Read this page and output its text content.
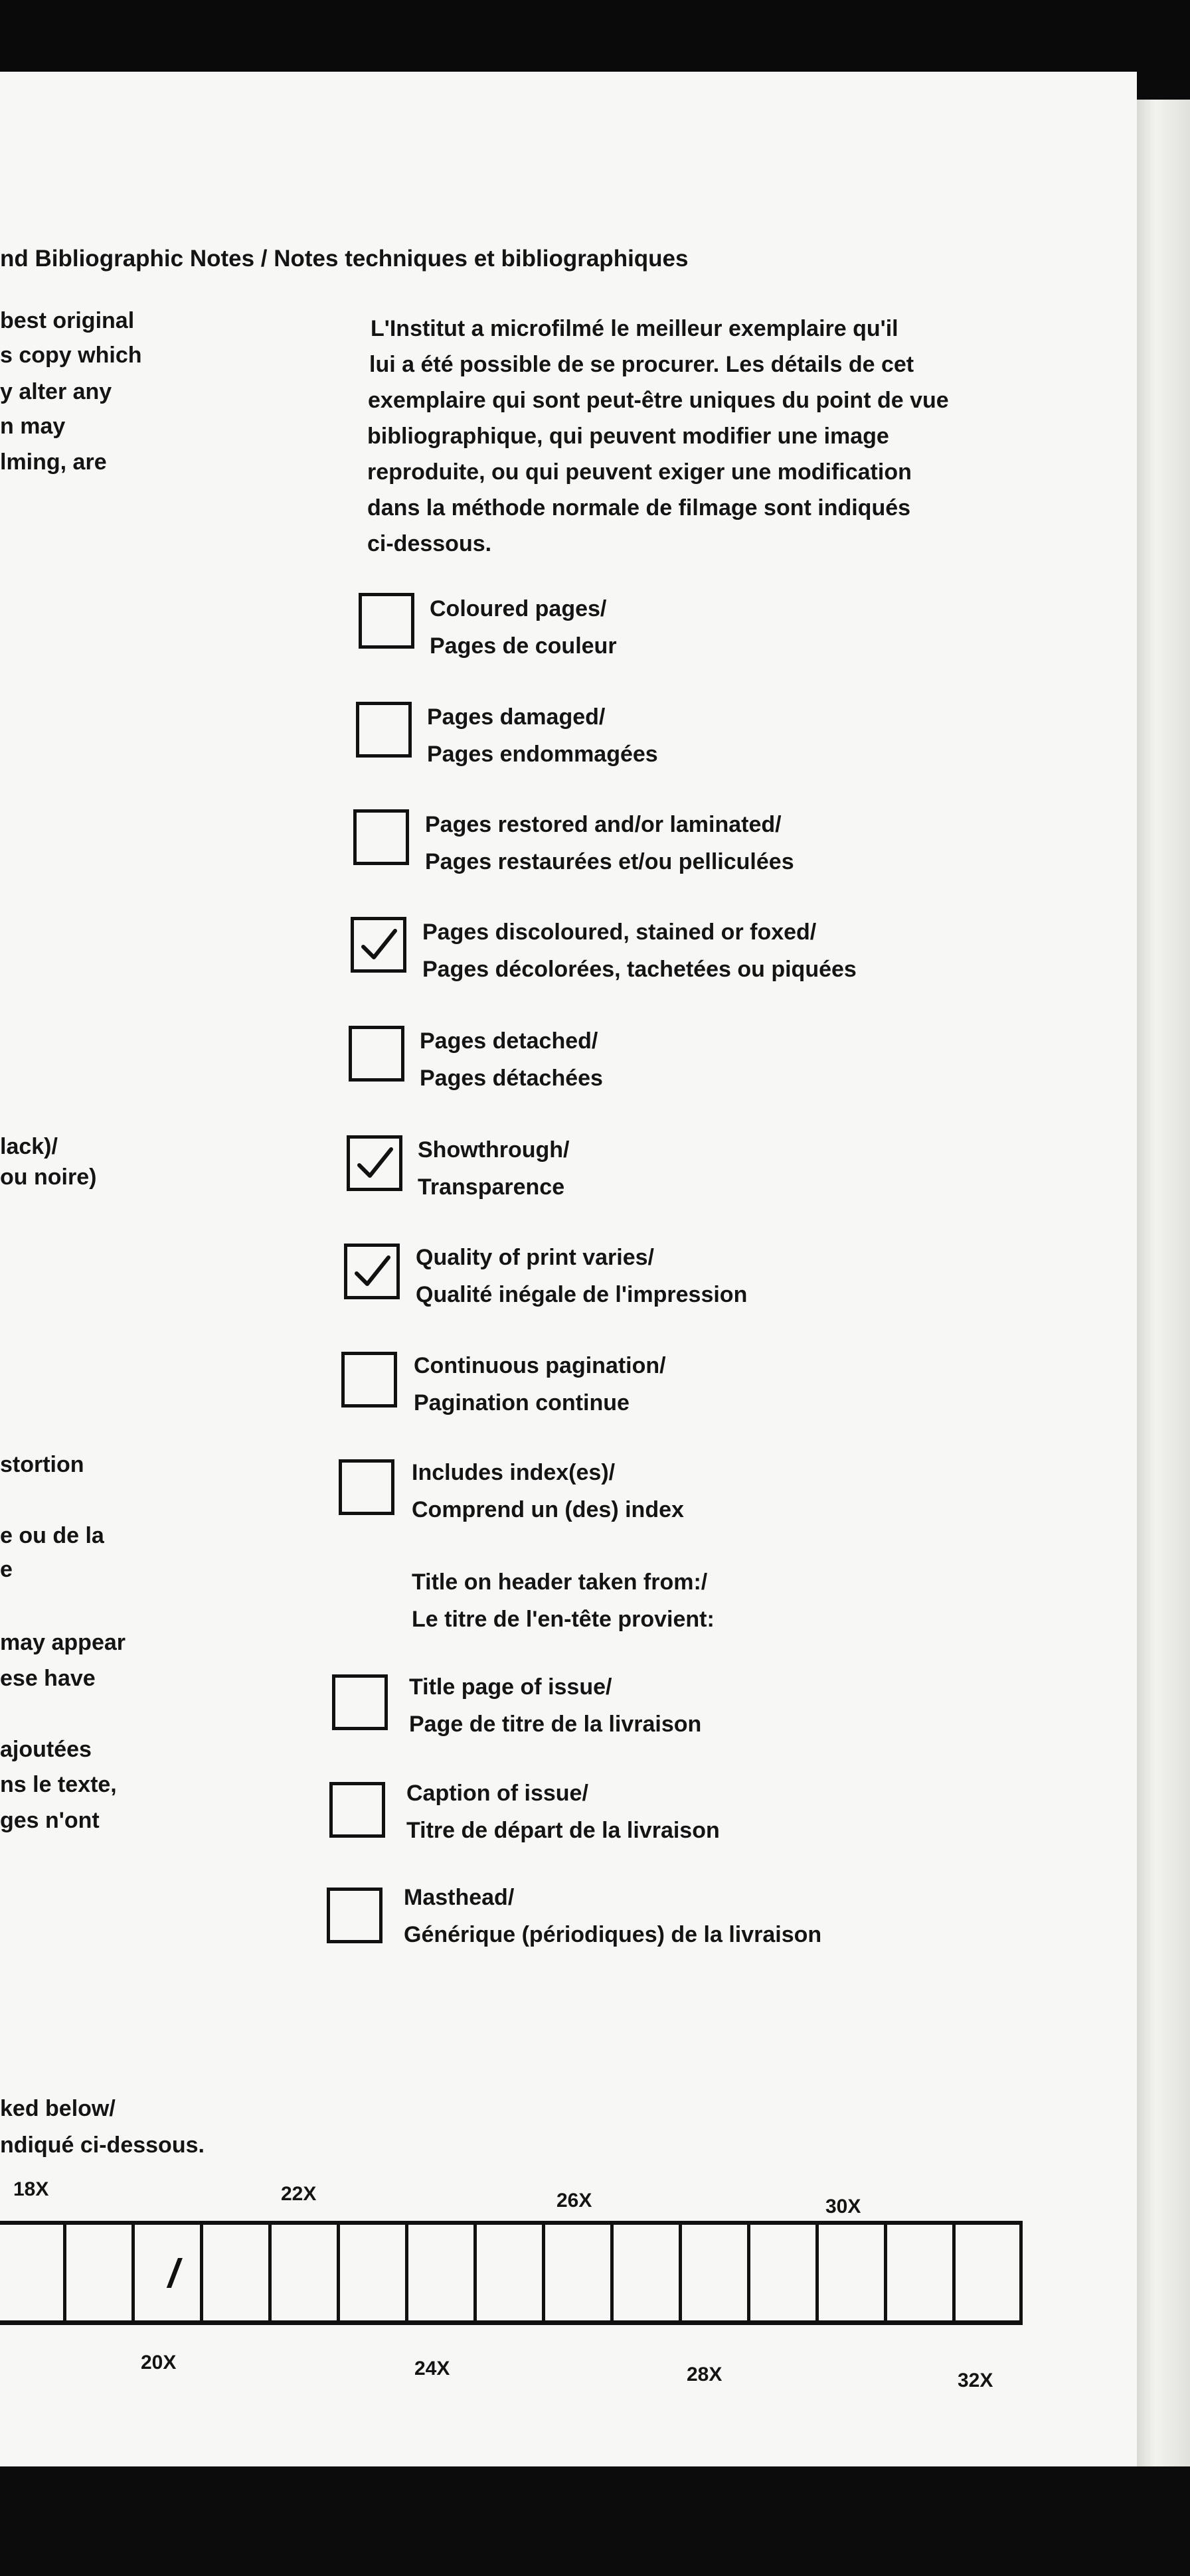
nd Bibliographic Notes / Notes techniques et bibliographiques
best original
s copy which
y alter any
n may
lming, are
lack)/
ou noire)
stortion
e ou de la
e
may appear
ese have
ajoutées
ns le texte,
ges n'ont
L'Institut a microfilmé le meilleur exemplaire qu'il
lui a été possible de se procurer. Les détails de cet
exemplaire qui sont peut-être uniques du point de vue
bibliographique, qui peuvent modifier une image
reproduite, ou qui peuvent exiger une modification
dans la méthode normale de filmage sont indiqués
ci-dessous.
Coloured pages/
Pages de couleur
Pages damaged/
Pages endommagées
Pages restored and/or laminated/
Pages restaurées et/ou pelliculées
Pages discoloured, stained or foxed/
Pages décolorées, tachetées ou piquées
Pages detached/
Pages détachées
Showthrough/
Transparence
Quality of print varies/
Qualité inégale de l'impression
Continuous pagination/
Pagination continue
Includes index(es)/
Comprend un (des) index
Title on header taken from:/
Le titre de l'en-tête provient:
Title page of issue/
Page de titre de la livraison
Caption of issue/
Titre de départ de la livraison
Masthead/
Générique (périodiques) de la livraison
ked below/
ndiqué ci-dessous.
18X	22X	26X	30X
/
20X	24X	28X	32X
